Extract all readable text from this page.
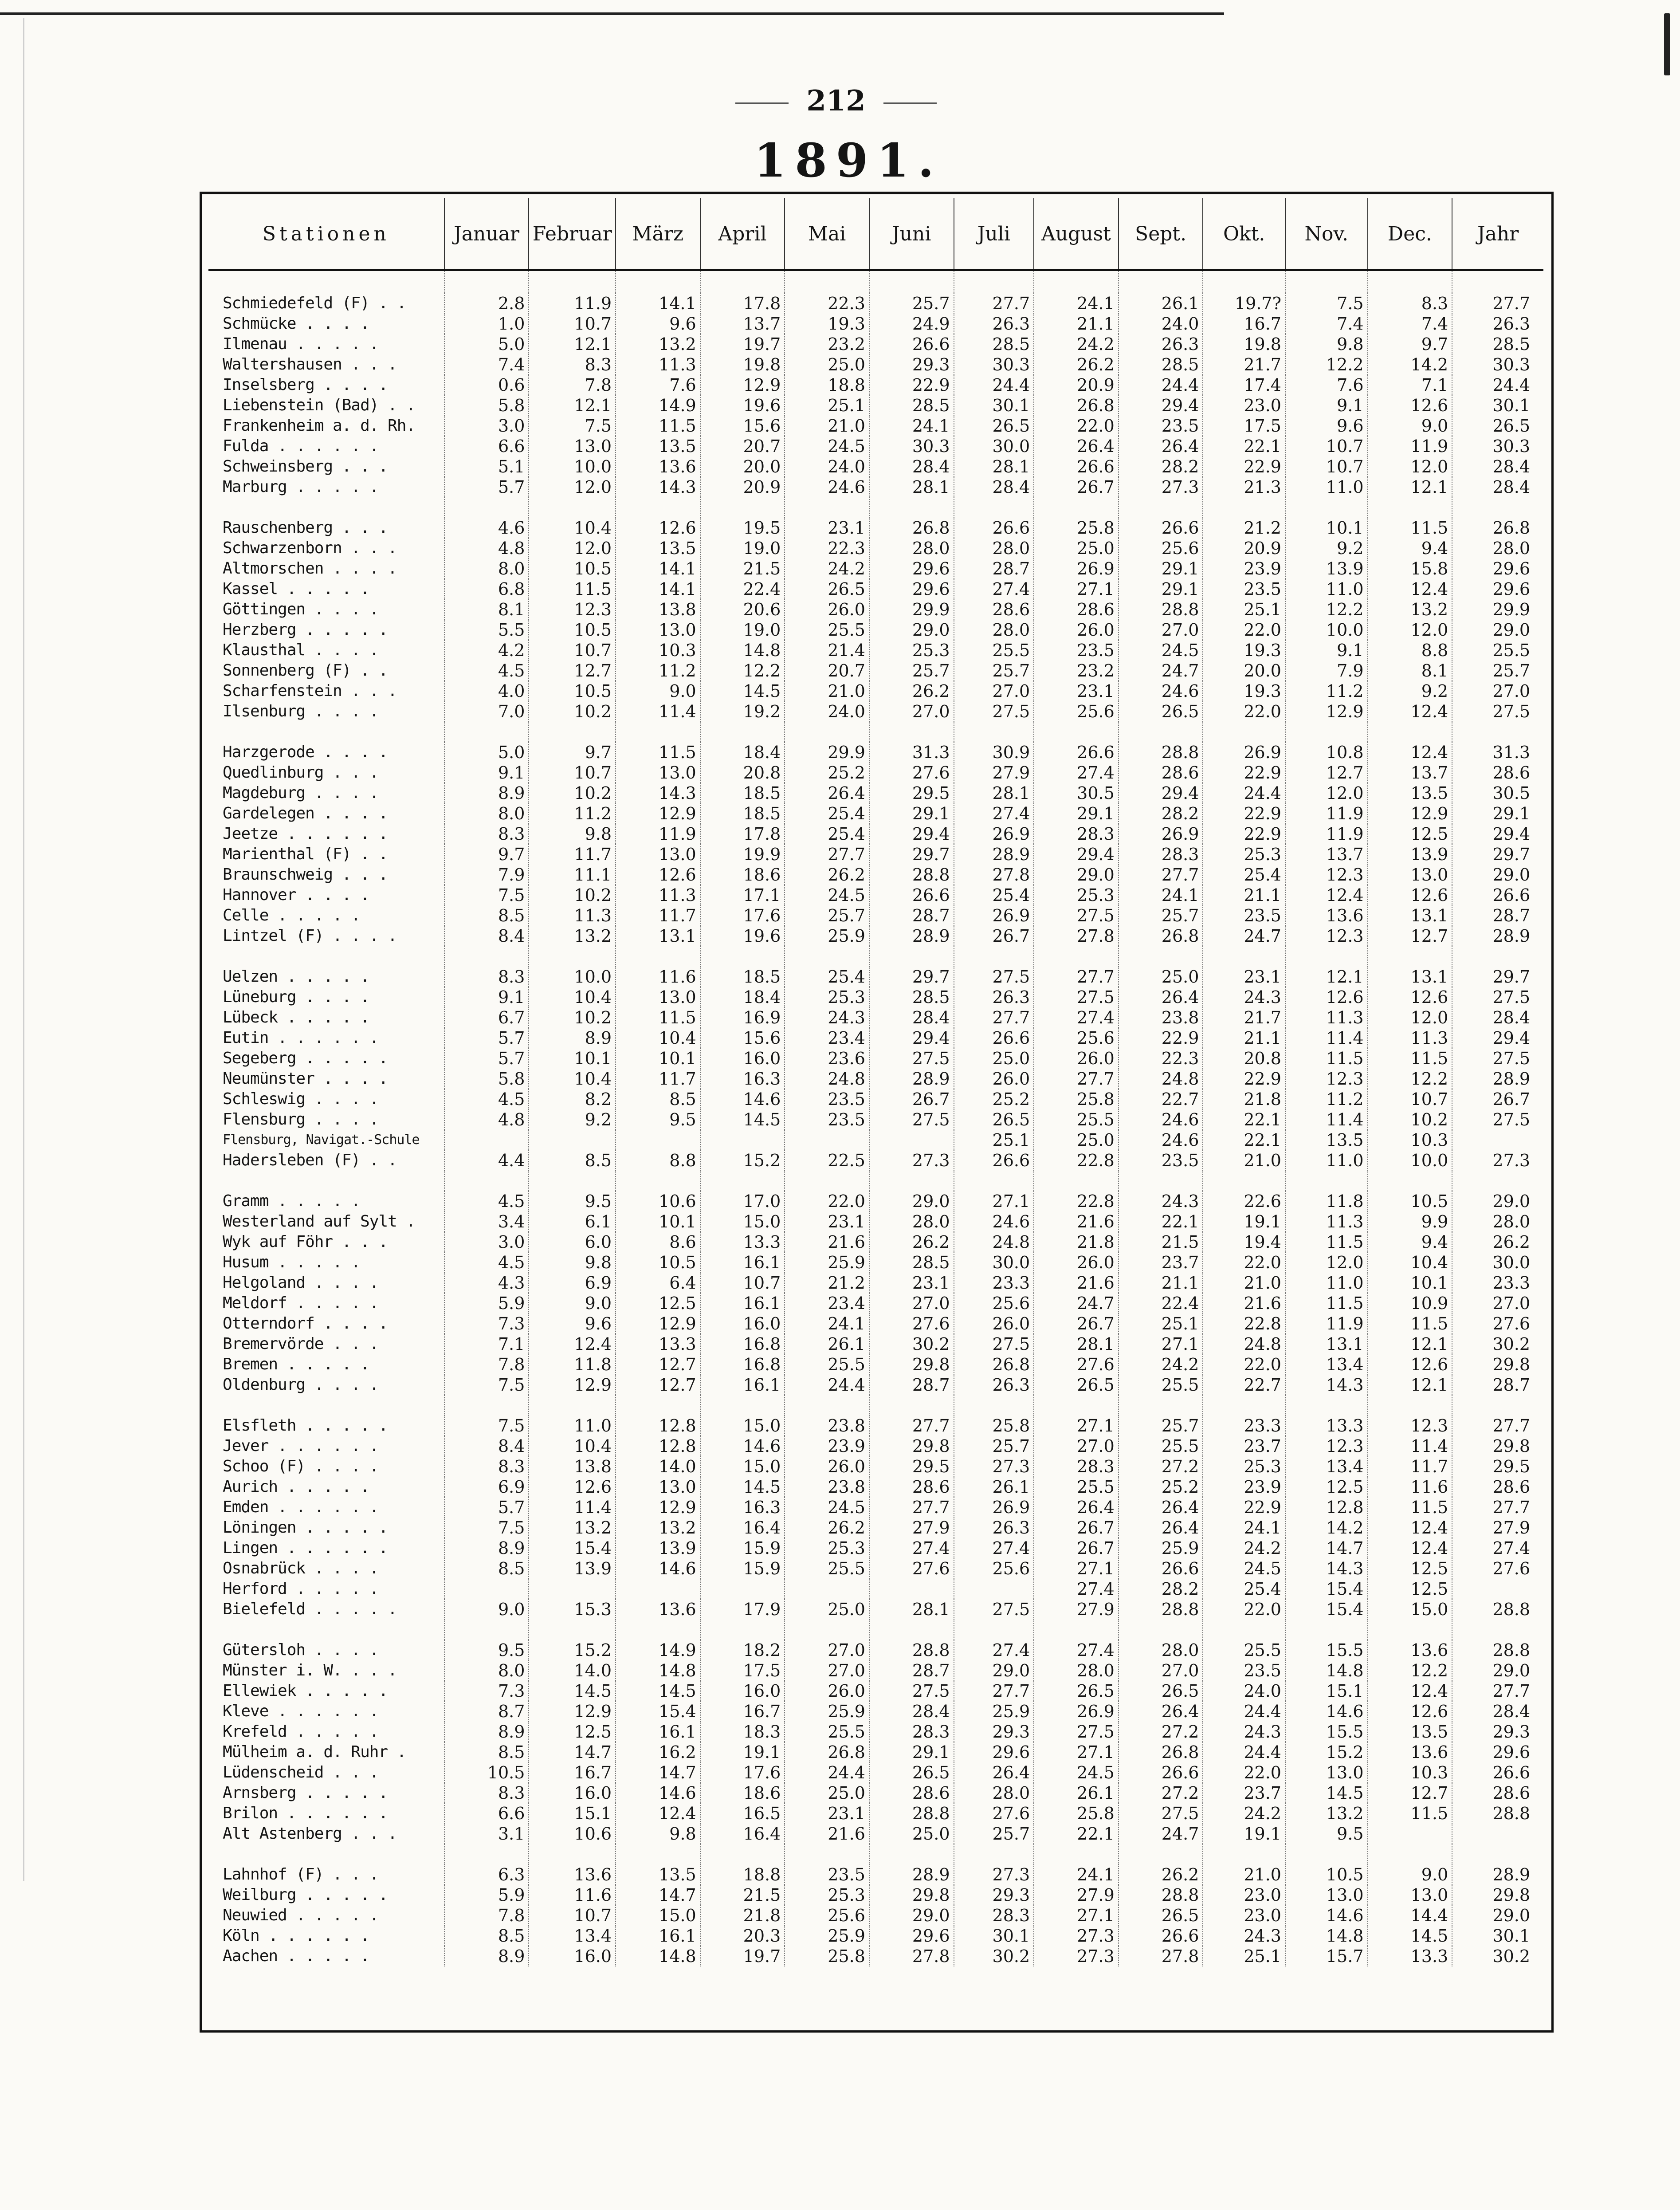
212
1891.
Stationen	Januar	Februar	März	April	Mai	Juni	Juli	August	Sept.	Okt.	Nov.	Dec.	Jahr

Schmiedefeld (F) . .	2.8	11.9	14.1	17.8	22.3	25.7	27.7	24.1	26.1	19.7?	7.5	8.3	27.7
Schmücke . . . .	1.0	10.7	9.6	13.7	19.3	24.9	26.3	21.1	24.0	16.7	7.4	7.4	26.3
Ilmenau . . . . .	5.0	12.1	13.2	19.7	23.2	26.6	28.5	24.2	26.3	19.8	9.8	9.7	28.5
Waltershausen . . .	7.4	8.3	11.3	19.8	25.0	29.3	30.3	26.2	28.5	21.7	12.2	14.2	30.3
Inselsberg . . . .	0.6	7.8	7.6	12.9	18.8	22.9	24.4	20.9	24.4	17.4	7.6	7.1	24.4
Liebenstein (Bad) . .	5.8	12.1	14.9	19.6	25.1	28.5	30.1	26.8	29.4	23.0	9.1	12.6	30.1
Frankenheim a. d. Rh.	3.0	7.5	11.5	15.6	21.0	24.1	26.5	22.0	23.5	17.5	9.6	9.0	26.5
Fulda . . . . . .	6.6	13.0	13.5	20.7	24.5	30.3	30.0	26.4	26.4	22.1	10.7	11.9	30.3
Schweinsberg . . .	5.1	10.0	13.6	20.0	24.0	28.4	28.1	26.6	28.2	22.9	10.7	12.0	28.4
Marburg . . . . .	5.7	12.0	14.3	20.9	24.6	28.1	28.4	26.7	27.3	21.3	11.0	12.1	28.4

Rauschenberg . . .	4.6	10.4	12.6	19.5	23.1	26.8	26.6	25.8	26.6	21.2	10.1	11.5	26.8
Schwarzenborn . . .	4.8	12.0	13.5	19.0	22.3	28.0	28.0	25.0	25.6	20.9	9.2	9.4	28.0
Altmorschen . . . .	8.0	10.5	14.1	21.5	24.2	29.6	28.7	26.9	29.1	23.9	13.9	15.8	29.6
Kassel . . . . .	6.8	11.5	14.1	22.4	26.5	29.6	27.4	27.1	29.1	23.5	11.0	12.4	29.6
Göttingen . . . .	8.1	12.3	13.8	20.6	26.0	29.9	28.6	28.6	28.8	25.1	12.2	13.2	29.9
Herzberg . . . . .	5.5	10.5	13.0	19.0	25.5	29.0	28.0	26.0	27.0	22.0	10.0	12.0	29.0
Klausthal . . . .	4.2	10.7	10.3	14.8	21.4	25.3	25.5	23.5	24.5	19.3	9.1	8.8	25.5
Sonnenberg (F) . .	4.5	12.7	11.2	12.2	20.7	25.7	25.7	23.2	24.7	20.0	7.9	8.1	25.7
Scharfenstein . . .	4.0	10.5	9.0	14.5	21.0	26.2	27.0	23.1	24.6	19.3	11.2	9.2	27.0
Ilsenburg . . . .	7.0	10.2	11.4	19.2	24.0	27.0	27.5	25.6	26.5	22.0	12.9	12.4	27.5

Harzgerode . . . .	5.0	9.7	11.5	18.4	29.9	31.3	30.9	26.6	28.8	26.9	10.8	12.4	31.3
Quedlinburg . . .	9.1	10.7	13.0	20.8	25.2	27.6	27.9	27.4	28.6	22.9	12.7	13.7	28.6
Magdeburg . . . .	8.9	10.2	14.3	18.5	26.4	29.5	28.1	30.5	29.4	24.4	12.0	13.5	30.5
Gardelegen . . . .	8.0	11.2	12.9	18.5	25.4	29.1	27.4	29.1	28.2	22.9	11.9	12.9	29.1
Jeetze . . . . . .	8.3	9.8	11.9	17.8	25.4	29.4	26.9	28.3	26.9	22.9	11.9	12.5	29.4
Marienthal (F) . .	9.7	11.7	13.0	19.9	27.7	29.7	28.9	29.4	28.3	25.3	13.7	13.9	29.7
Braunschweig . . .	7.9	11.1	12.6	18.6	26.2	28.8	27.8	29.0	27.7	25.4	12.3	13.0	29.0
Hannover . . . .	7.5	10.2	11.3	17.1	24.5	26.6	25.4	25.3	24.1	21.1	12.4	12.6	26.6
Celle . . . . .	8.5	11.3	11.7	17.6	25.7	28.7	26.9	27.5	25.7	23.5	13.6	13.1	28.7
Lintzel (F) . . . .	8.4	13.2	13.1	19.6	25.9	28.9	26.7	27.8	26.8	24.7	12.3	12.7	28.9

Uelzen . . . . .	8.3	10.0	11.6	18.5	25.4	29.7	27.5	27.7	25.0	23.1	12.1	13.1	29.7
Lüneburg . . . .	9.1	10.4	13.0	18.4	25.3	28.5	26.3	27.5	26.4	24.3	12.6	12.6	27.5
Lübeck . . . . .	6.7	10.2	11.5	16.9	24.3	28.4	27.7	27.4	23.8	21.7	11.3	12.0	28.4
Eutin . . . . . .	5.7	8.9	10.4	15.6	23.4	29.4	26.6	25.6	22.9	21.1	11.4	11.3	29.4
Segeberg . . . . .	5.7	10.1	10.1	16.0	23.6	27.5	25.0	26.0	22.3	20.8	11.5	11.5	27.5
Neumünster . . . .	5.8	10.4	11.7	16.3	24.8	28.9	26.0	27.7	24.8	22.9	12.3	12.2	28.9
Schleswig . . . .	4.5	8.2	8.5	14.6	23.5	26.7	25.2	25.8	22.7	21.8	11.2	10.7	26.7
Flensburg . . . .	4.8	9.2	9.5	14.5	23.5	27.5	26.5	25.5	24.6	22.1	11.4	10.2	27.5
Flensburg, Navigat.-Schule							25.1	25.0	24.6	22.1	13.5	10.3	
Hadersleben (F) . .	4.4	8.5	8.8	15.2	22.5	27.3	26.6	22.8	23.5	21.0	11.0	10.0	27.3

Gramm . . . . .	4.5	9.5	10.6	17.0	22.0	29.0	27.1	22.8	24.3	22.6	11.8	10.5	29.0
Westerland auf Sylt .	3.4	6.1	10.1	15.0	23.1	28.0	24.6	21.6	22.1	19.1	11.3	9.9	28.0
Wyk auf Föhr . . .	3.0	6.0	8.6	13.3	21.6	26.2	24.8	21.8	21.5	19.4	11.5	9.4	26.2
Husum . . . . .	4.5	9.8	10.5	16.1	25.9	28.5	30.0	26.0	23.7	22.0	12.0	10.4	30.0
Helgoland . . . .	4.3	6.9	6.4	10.7	21.2	23.1	23.3	21.6	21.1	21.0	11.0	10.1	23.3
Meldorf . . . . .	5.9	9.0	12.5	16.1	23.4	27.0	25.6	24.7	22.4	21.6	11.5	10.9	27.0
Otterndorf . . . .	7.3	9.6	12.9	16.0	24.1	27.6	26.0	26.7	25.1	22.8	11.9	11.5	27.6
Bremervörde . . .	7.1	12.4	13.3	16.8	26.1	30.2	27.5	28.1	27.1	24.8	13.1	12.1	30.2
Bremen . . . . .	7.8	11.8	12.7	16.8	25.5	29.8	26.8	27.6	24.2	22.0	13.4	12.6	29.8
Oldenburg . . . .	7.5	12.9	12.7	16.1	24.4	28.7	26.3	26.5	25.5	22.7	14.3	12.1	28.7

Elsfleth . . . . .	7.5	11.0	12.8	15.0	23.8	27.7	25.8	27.1	25.7	23.3	13.3	12.3	27.7
Jever . . . . . .	8.4	10.4	12.8	14.6	23.9	29.8	25.7	27.0	25.5	23.7	12.3	11.4	29.8
Schoo (F) . . . .	8.3	13.8	14.0	15.0	26.0	29.5	27.3	28.3	27.2	25.3	13.4	11.7	29.5
Aurich . . . . .	6.9	12.6	13.0	14.5	23.8	28.6	26.1	25.5	25.2	23.9	12.5	11.6	28.6
Emden . . . . . .	5.7	11.4	12.9	16.3	24.5	27.7	26.9	26.4	26.4	22.9	12.8	11.5	27.7
Löningen . . . . .	7.5	13.2	13.2	16.4	26.2	27.9	26.3	26.7	26.4	24.1	14.2	12.4	27.9
Lingen . . . . . .	8.9	15.4	13.9	15.9	25.3	27.4	27.4	26.7	25.9	24.2	14.7	12.4	27.4
Osnabrück . . . .	8.5	13.9	14.6	15.9	25.5	27.6	25.6	27.1	26.6	24.5	14.3	12.5	27.6
Herford . . . . .								27.4	28.2	25.4	15.4	12.5	
Bielefeld . . . . .	9.0	15.3	13.6	17.9	25.0	28.1	27.5	27.9	28.8	22.0	15.4	15.0	28.8

Gütersloh . . . .	9.5	15.2	14.9	18.2	27.0	28.8	27.4	27.4	28.0	25.5	15.5	13.6	28.8
Münster i. W. . . .	8.0	14.0	14.8	17.5	27.0	28.7	29.0	28.0	27.0	23.5	14.8	12.2	29.0
Ellewiek . . . . .	7.3	14.5	14.5	16.0	26.0	27.5	27.7	26.5	26.5	24.0	15.1	12.4	27.7
Kleve . . . . . .	8.7	12.9	15.4	16.7	25.9	28.4	25.9	26.9	26.4	24.4	14.6	12.6	28.4
Krefeld . . . . .	8.9	12.5	16.1	18.3	25.5	28.3	29.3	27.5	27.2	24.3	15.5	13.5	29.3
Mülheim a. d. Ruhr .	8.5	14.7	16.2	19.1	26.8	29.1	29.6	27.1	26.8	24.4	15.2	13.6	29.6
Lüdenscheid . . .	10.5	16.7	14.7	17.6	24.4	26.5	26.4	24.5	26.6	22.0	13.0	10.3	26.6
Arnsberg . . . . .	8.3	16.0	14.6	18.6	25.0	28.6	28.0	26.1	27.2	23.7	14.5	12.7	28.6
Brilon . . . . . .	6.6	15.1	12.4	16.5	23.1	28.8	27.6	25.8	27.5	24.2	13.2	11.5	28.8
Alt Astenberg . . .	3.1	10.6	9.8	16.4	21.6	25.0	25.7	22.1	24.7	19.1	9.5		

Lahnhof (F) . . .	6.3	13.6	13.5	18.8	23.5	28.9	27.3	24.1	26.2	21.0	10.5	9.0	28.9
Weilburg . . . . .	5.9	11.6	14.7	21.5	25.3	29.8	29.3	27.9	28.8	23.0	13.0	13.0	29.8
Neuwied . . . . .	7.8	10.7	15.0	21.8	25.6	29.0	28.3	27.1	26.5	23.0	14.6	14.4	29.0
Köln . . . . . .	8.5	13.4	16.1	20.3	25.9	29.6	30.1	27.3	26.6	24.3	14.8	14.5	30.1
Aachen . . . . .	8.9	16.0	14.8	19.7	25.8	27.8	30.2	27.3	27.8	25.1	15.7	13.3	30.2
